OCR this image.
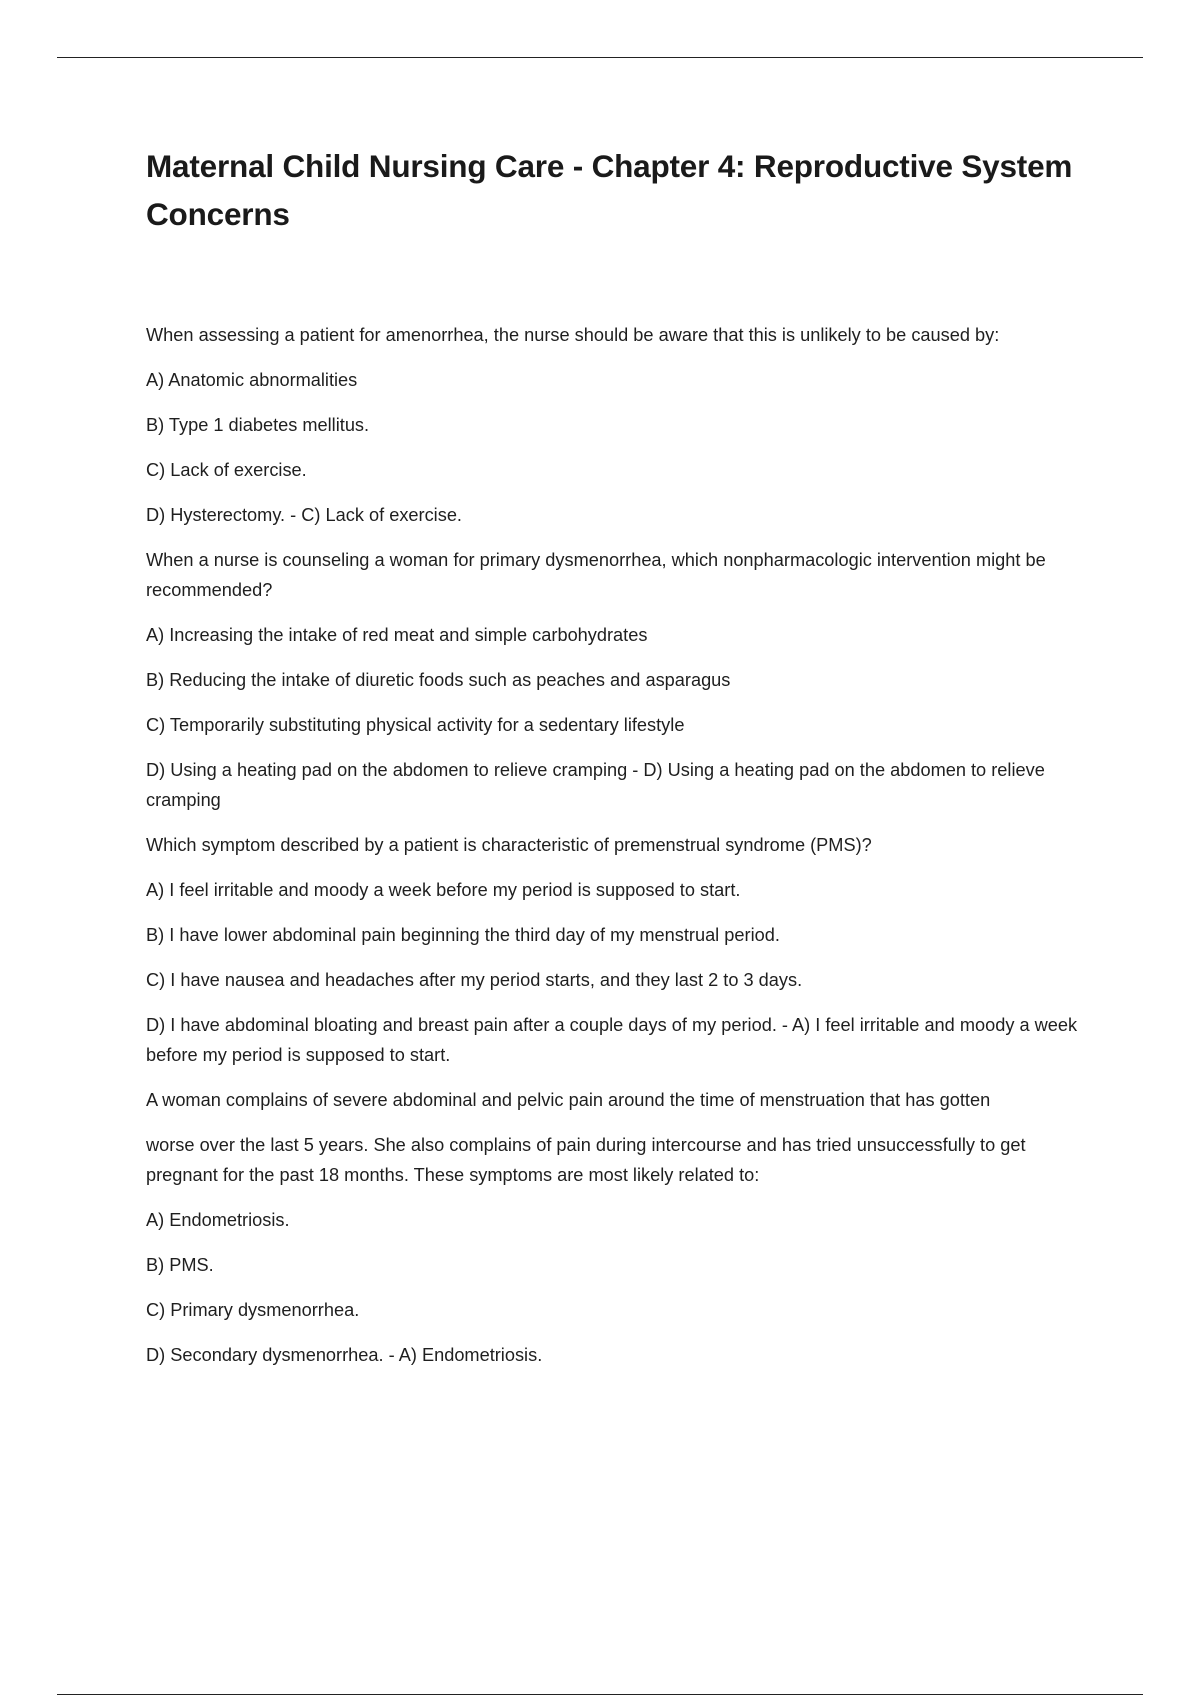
Maternal Child Nursing Care - Chapter 4: Reproductive System Concerns

When assessing a patient for amenorrhea, the nurse should be aware that this is unlikely to be caused by:

A) Anatomic abnormalities

B) Type 1 diabetes mellitus.

C) Lack of exercise.

D) Hysterectomy. - C) Lack of exercise.

When a nurse is counseling a woman for primary dysmenorrhea, which nonpharmacologic intervention might be recommended?

A) Increasing the intake of red meat and simple carbohydrates

B) Reducing the intake of diuretic foods such as peaches and asparagus

C) Temporarily substituting physical activity for a sedentary lifestyle

D) Using a heating pad on the abdomen to relieve cramping - D) Using a heating pad on the abdomen to relieve cramping

Which symptom described by a patient is characteristic of premenstrual syndrome (PMS)?

A) I feel irritable and moody a week before my period is supposed to start.

B) I have lower abdominal pain beginning the third day of my menstrual period.

C) I have nausea and headaches after my period starts, and they last 2 to 3 days.

D) I have abdominal bloating and breast pain after a couple days of my period. - A) I feel irritable and moody a week before my period is supposed to start.

A woman complains of severe abdominal and pelvic pain around the time of menstruation that has gotten

worse over the last 5 years. She also complains of pain during intercourse and has tried unsuccessfully to get pregnant for the past 18 months. These symptoms are most likely related to:

A) Endometriosis.

B) PMS.

C) Primary dysmenorrhea.

D) Secondary dysmenorrhea. - A) Endometriosis.
